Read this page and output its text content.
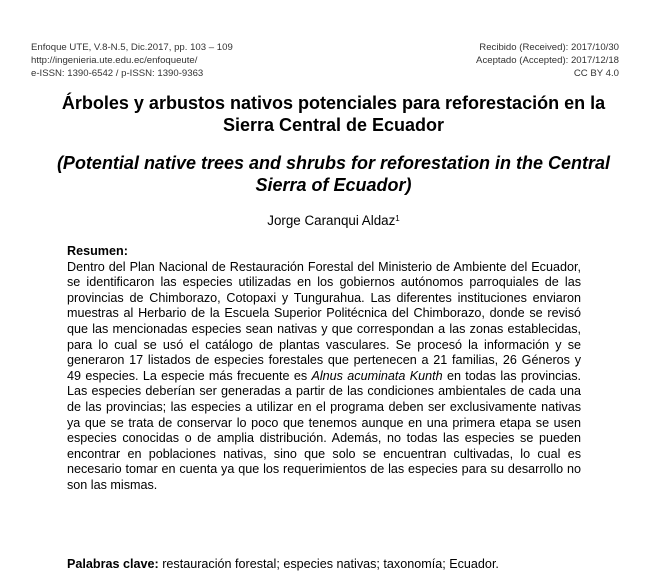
Enfoque UTE, V.8-N.5, Dic.2017, pp. 103 – 109
http://ingenieria.ute.edu.ec/enfoqueute/
e-ISSN: 1390-6542 / p-ISSN: 1390-9363
Recibido (Received): 2017/10/30
Aceptado (Accepted): 2017/12/18
CC BY 4.0
Árboles y arbustos nativos potenciales para reforestación en la
Sierra Central de Ecuador
(Potential native trees and shrubs for reforestation in the Central
Sierra of Ecuador)
Jorge Caranqui Aldaz$^1$
Resumen:
Dentro del Plan Nacional de Restauración Forestal del Ministerio de Ambiente del Ecuador, se identificaron las especies utilizadas en los gobiernos autónomos parroquiales de las provincias de Chimborazo, Cotopaxi y Tungurahua. Las diferentes instituciones enviaron muestras al Herbario de la Escuela Superior Politécnica del Chimborazo, donde se revisó que las mencionadas especies sean nativas y que correspondan a las zonas establecidas, para lo cual se usó el catálogo de plantas vasculares. Se procesó la información y se generaron 17 listados de especies forestales que pertenecen a 21 familias, 26 Géneros y 49 especies. La especie más frecuente es Alnus acuminata Kunth en todas las provincias. Las especies deberían ser generadas a partir de las condiciones ambientales de cada una de las provincias; las especies a utilizar en el programa deben ser exclusivamente nativas ya que se trata de conservar lo poco que tenemos aunque en una primera etapa se usen especies conocidas o de amplia distribución. Además, no todas las especies se pueden encontrar en poblaciones nativas, sino que solo se encuentran cultivadas, lo cual es necesario tomar en cuenta ya que los requerimientos de las especies para su desarrollo no son las mismas.
Palabras clave: restauración forestal; especies nativas; taxonomía; Ecuador.
